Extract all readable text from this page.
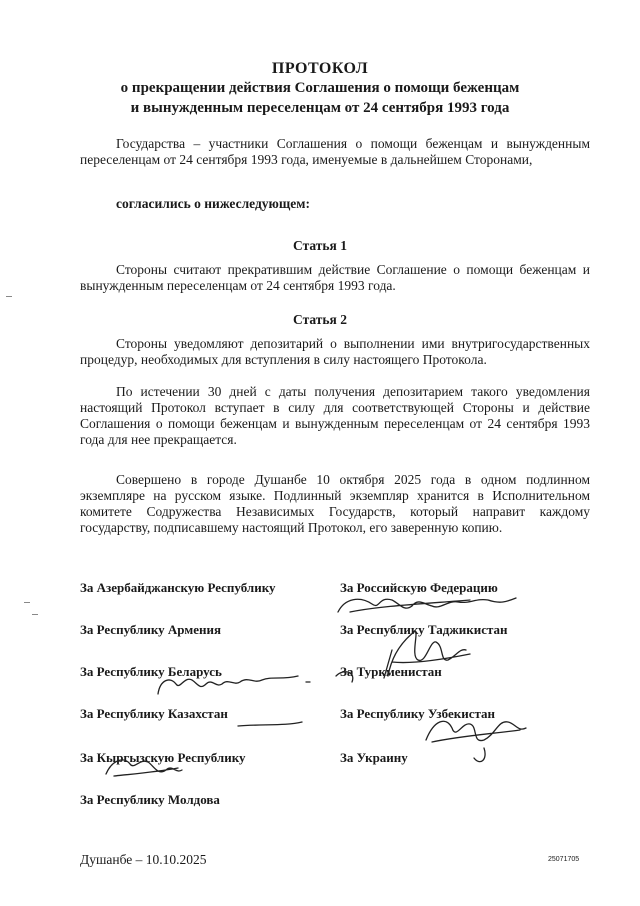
ПРОТОКОЛ
о прекращении действия Соглашения о помощи беженцам
и вынужденным переселенцам от 24 сентября 1993 года
Государства – участники Соглашения о помощи беженцам и вынужденным переселенцам от 24 сентября 1993 года, именуемые в дальнейшем Сторонами,
согласились о нижеследующем:
Статья 1
Стороны считают прекратившим действие Соглашение о помощи беженцам и вынужденным переселенцам от 24 сентября 1993 года.
Статья 2
Стороны уведомляют депозитарий о выполнении ими внутригосударственных процедур, необходимых для вступления в силу настоящего Протокола.
По истечении 30 дней с даты получения депозитарием такого уведомления настоящий Протокол вступает в силу для соответствующей Стороны и действие Соглашения о помощи беженцам и вынужденным переселенцам от 24 сентября 1993 года для нее прекращается.
Совершено в городе Душанбе 10 октября 2025 года в одном подлинном экземпляре на русском языке. Подлинный экземпляр хранится в Исполнительном комитете Содружества Независимых Государств, который направит каждому государству, подписавшему настоящий Протокол, его заверенную копию.
За Азербайджанскую Республику
За Республику Армения
За Республику Беларусь
За Республику Казахстан
За Кыргызскую Республику
За Республику Молдова
За Российскую Федерацию
За Республику Таджикистан
За Туркменистан
За Республику Узбекистан
За Украину
Душанбе – 10.10.2025	25071705
